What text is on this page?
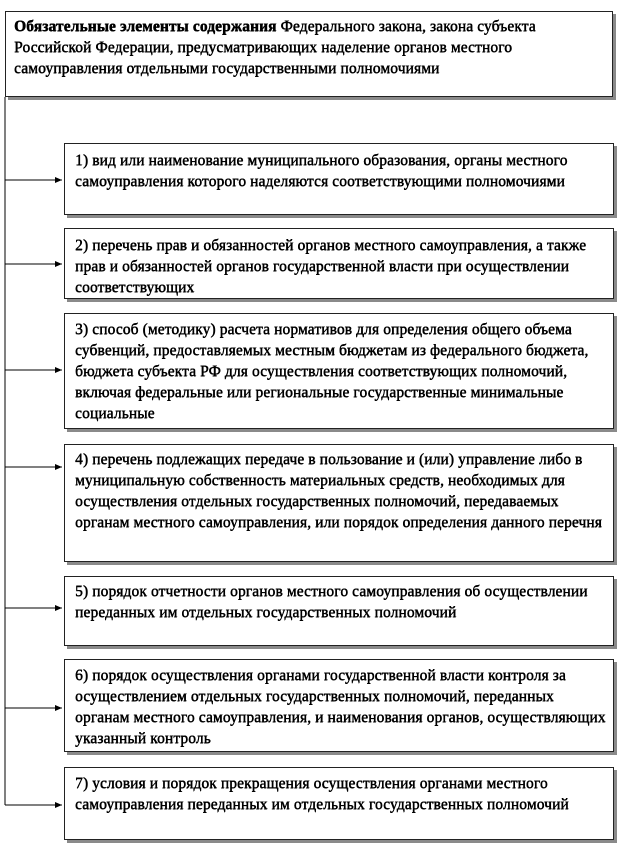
Обязательные элементы содержания Федерального закона, закона субъекта Российской Федерации, предусматривающих наделение органов местного самоуправления отдельными государственными полномочиями
1) вид или наименование муниципального образования, органы местного самоуправления которого наделяются соответствующими полномочиями
2) перечень прав и обязанностей органов местного самоуправления, а также прав и обязанностей органов государственной власти при осуществлении соответствующих
3) способ (методику) расчета нормативов для определения общего объема субвенций, предоставляемых местным бюджетам из федерального бюджета, бюджета субъекта РФ для осуществления соответствующих полномочий, включая федеральные или региональные государственные минимальные социальные
4) перечень подлежащих передаче в пользование и (или) управление либо в муниципальную собственность материальных средств, необходимых для осуществления отдельных государственных полномочий, передаваемых органам местного самоуправления, или порядок определения данного перечня
5) порядок отчетности органов местного самоуправления об осуществлении переданных им отдельных государственных полномочий
6) порядок осуществления органами государственной власти контроля за осуществлением отдельных государственных полномочий, переданных органам местного самоуправления, и наименования органов, осуществляющих указанный контроль
7) условия и порядок прекращения осуществления органами местного самоуправления переданных им отдельных государственных полномочий
